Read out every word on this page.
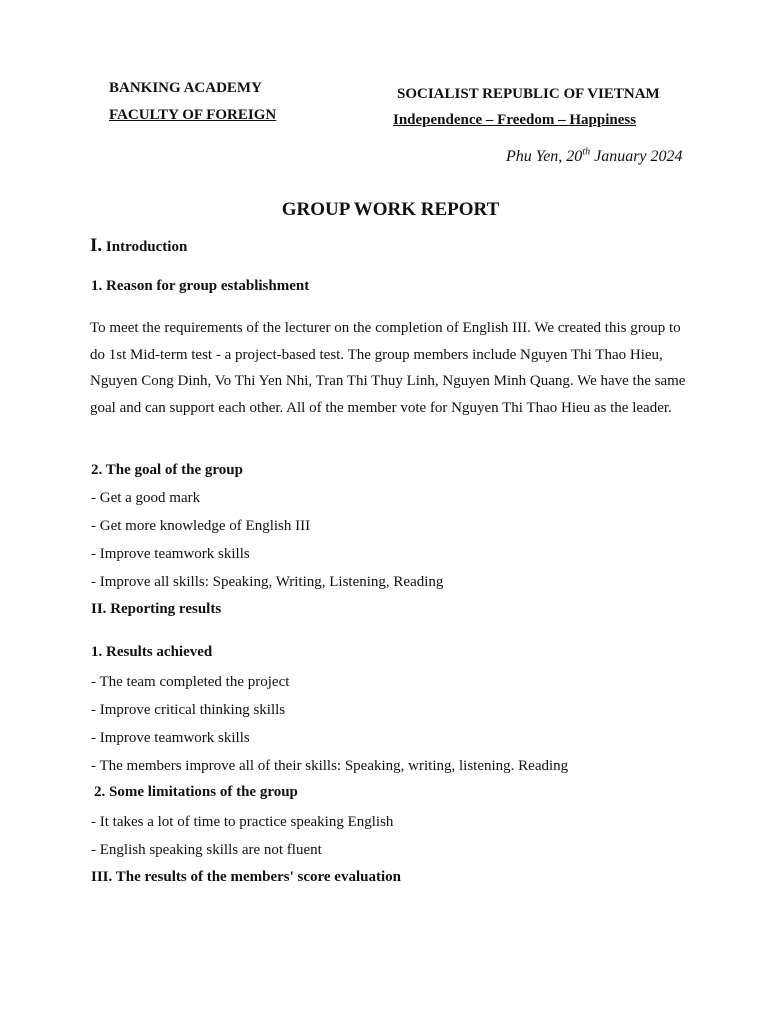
BANKING ACADEMY
FACULTY OF FOREIGN
SOCIALIST REPUBLIC OF VIETNAM
Independence – Freedom – Happiness
Phu Yen, 20th January 2024
GROUP WORK REPORT
I. Introduction
1. Reason for group establishment
To meet the requirements of the lecturer on the completion of English III. We created this group to do 1st Mid-term test - a project-based test. The group members include Nguyen Thi Thao Hieu, Nguyen Cong Dinh, Vo Thi Yen Nhi, Tran Thi Thuy Linh, Nguyen Minh Quang. We have the same goal and can support each other. All of the member vote for Nguyen Thi Thao Hieu as the leader.
2. The goal of the group
- Get a good mark
- Get more knowledge of English III
- Improve teamwork skills
- Improve all skills: Speaking, Writing, Listening, Reading
II. Reporting results
1. Results achieved
- The team completed the project
- Improve critical thinking skills
- Improve teamwork skills
- The members improve all of their skills: Speaking, writing, listening. Reading
2. Some limitations of the group
- It takes a lot of time to practice speaking English
- English speaking skills are not fluent
III. The results of the members' score evaluation
